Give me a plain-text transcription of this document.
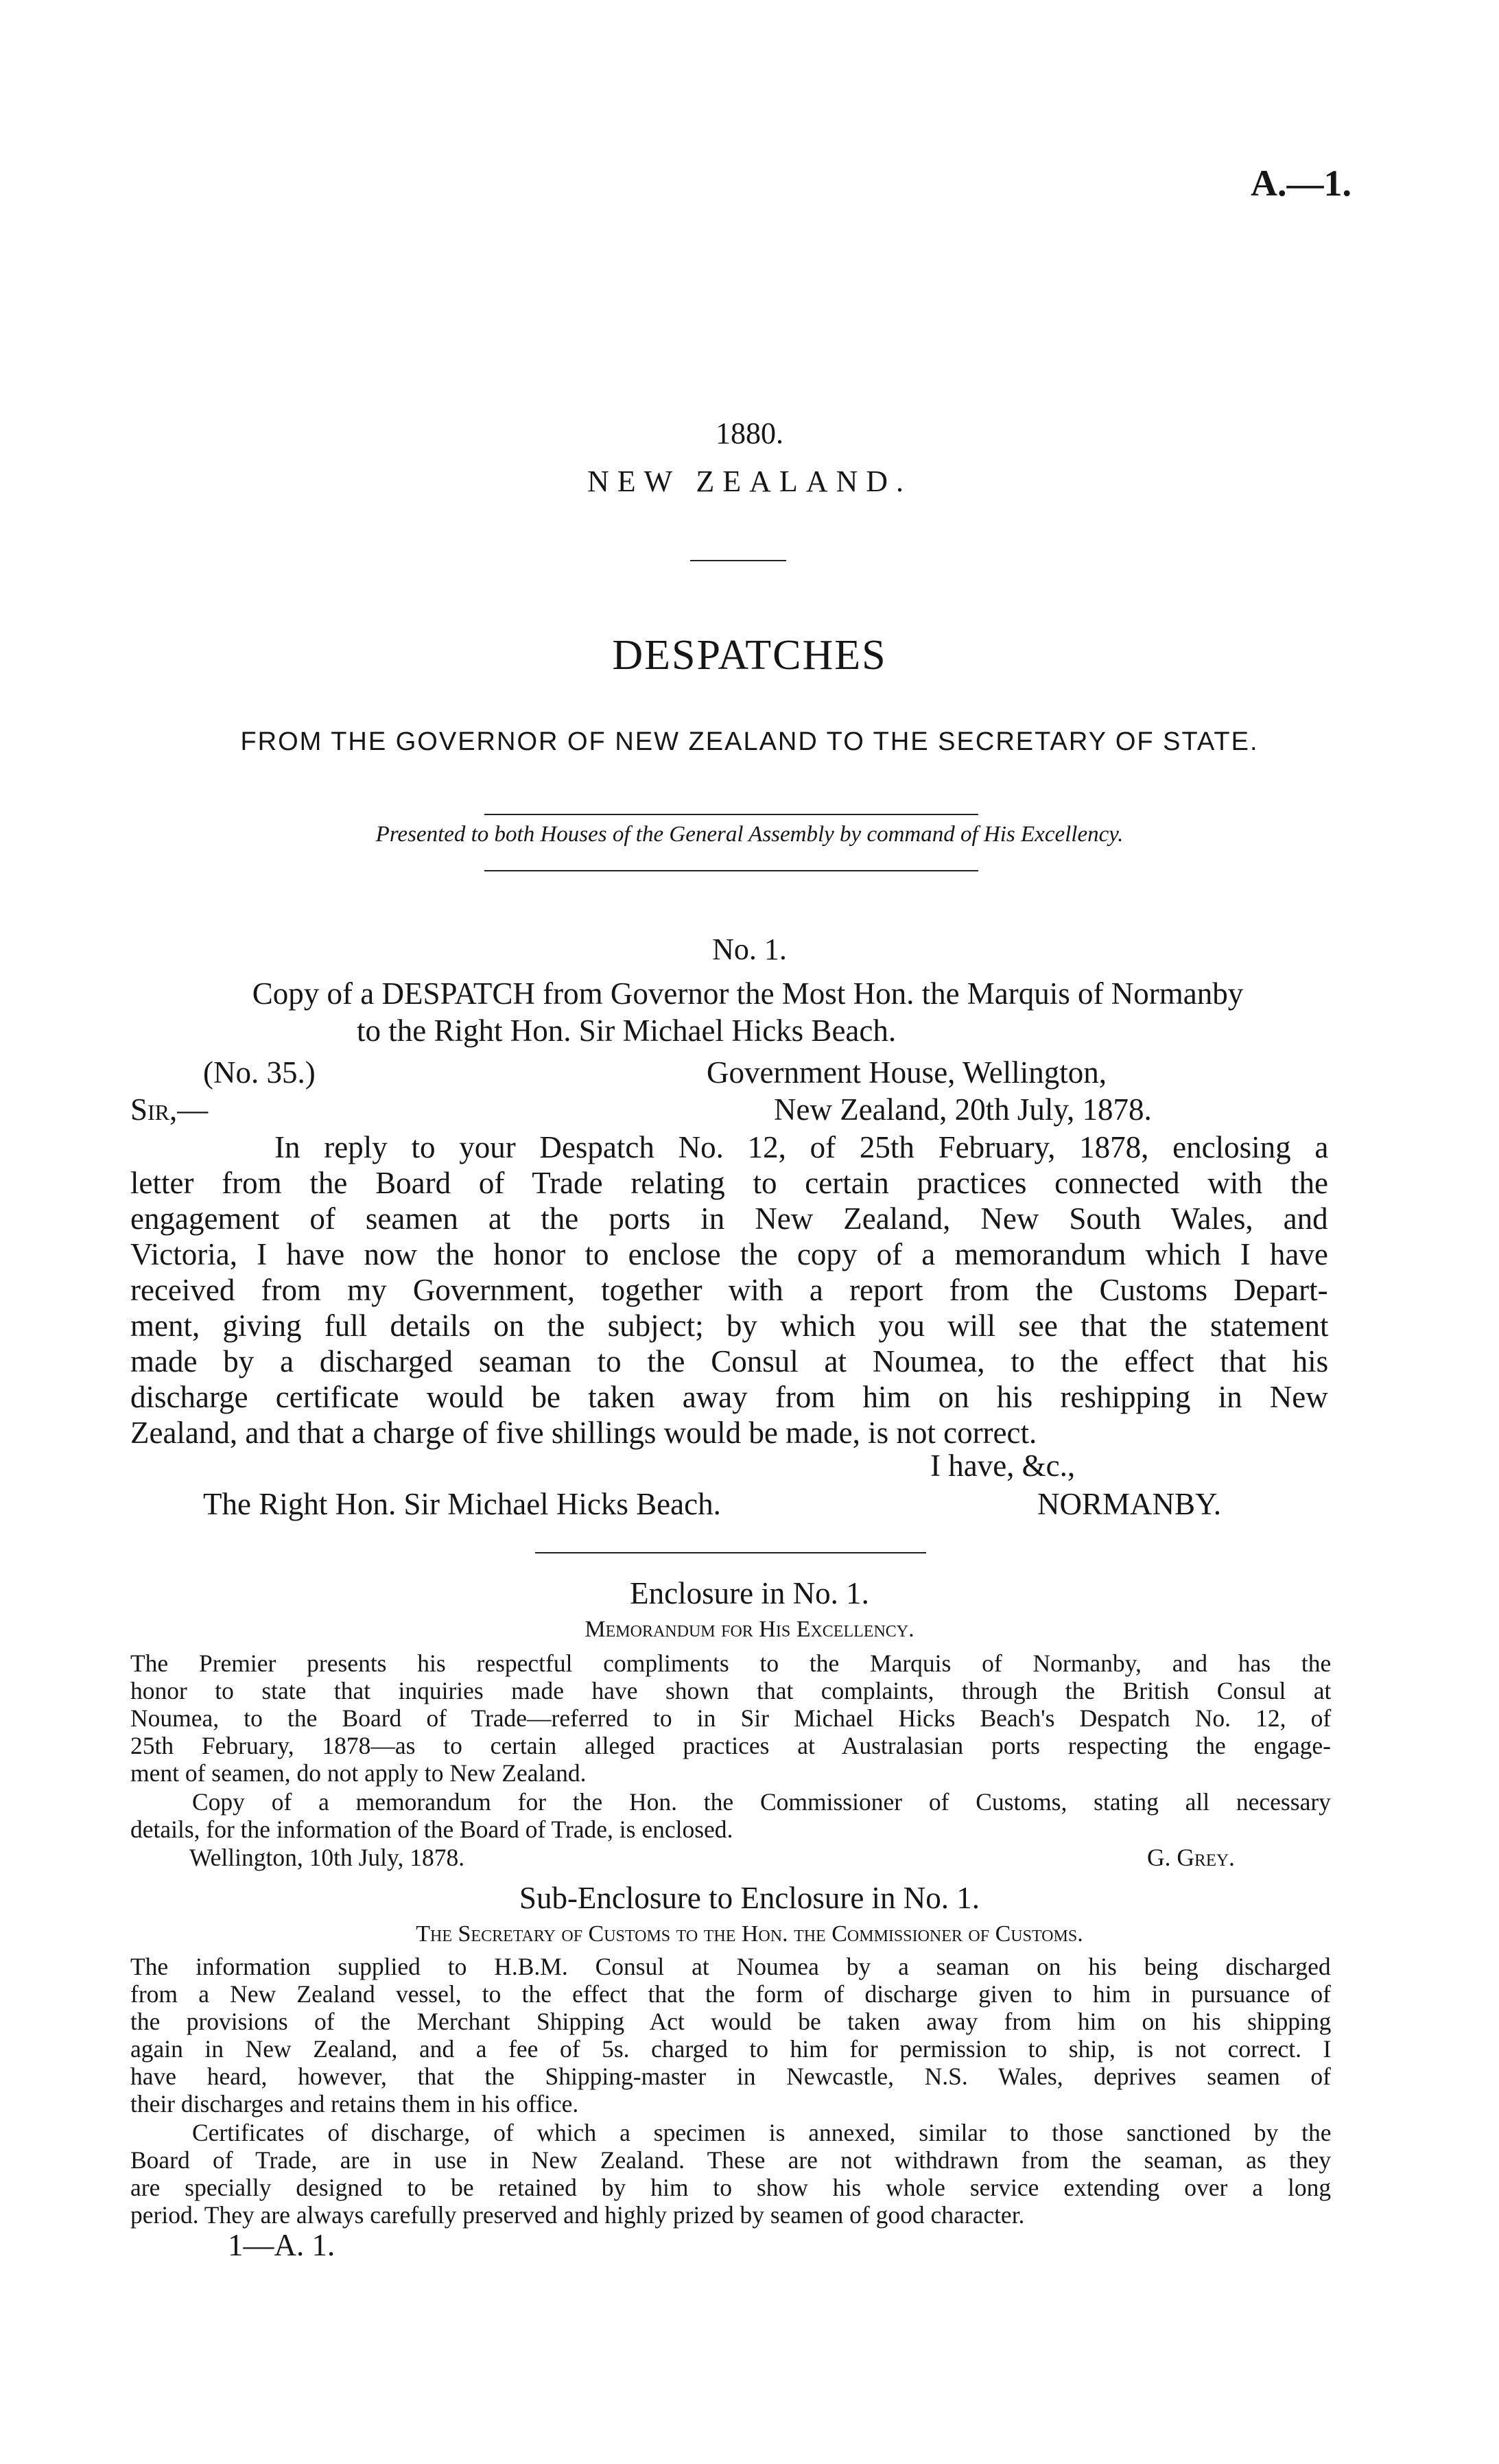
A.—1.
1880.
NEW ZEALAND.
DESPATCHES
FROM THE GOVERNOR OF NEW ZEALAND TO THE SECRETARY OF STATE.
Presented to both Houses of the General Assembly by command of His Excellency.
No. 1.
Copy of a DESPATCH from Governor the Most Hon. the Marquis of Normanby
to the Right Hon. Sir Michael Hicks Beach.
(No. 35.)	Government House, Wellington,
Sir,—	New Zealand, 20th July, 1878.
In reply to your Despatch No. 12, of 25th February, 1878, enclosing a
letter from the Board of Trade relating to certain practices connected with the
engagement of seamen at the ports in New Zealand, New South Wales, and
Victoria, I have now the honor to enclose the copy of a memorandum which I have
received from my Government, together with a report from the Customs Depart-
ment, giving full details on the subject; by which you will see that the statement
made by a discharged seaman to the Consul at Noumea, to the effect that his
discharge certificate would be taken away from him on his reshipping in New
Zealand, and that a charge of five shillings would be made, is not correct.
I have, &c.,
The Right Hon. Sir Michael Hicks Beach.	NORMANBY.
Enclosure in No. 1.
Memorandum for His Excellency.
The Premier presents his respectful compliments to the Marquis of Normanby, and has the
honor to state that inquiries made have shown that complaints, through the British Consul at
Noumea, to the Board of Trade—referred to in Sir Michael Hicks Beach's Despatch No. 12, of
25th February, 1878—as to certain alleged practices at Australasian ports respecting the engage-
ment of seamen, do not apply to New Zealand.
Copy of a memorandum for the Hon. the Commissioner of Customs, stating all necessary
details, for the information of the Board of Trade, is enclosed.
Wellington, 10th July, 1878.	G. Grey.
Sub-Enclosure to Enclosure in No. 1.
The Secretary of Customs to the Hon. the Commissioner of Customs.
The information supplied to H.B.M. Consul at Noumea by a seaman on his being discharged
from a New Zealand vessel, to the effect that the form of discharge given to him in pursuance of
the provisions of the Merchant Shipping Act would be taken away from him on his shipping
again in New Zealand, and a fee of 5s. charged to him for permission to ship, is not correct. I
have heard, however, that the Shipping-master in Newcastle, N.S. Wales, deprives seamen of
their discharges and retains them in his office.
Certificates of discharge, of which a specimen is annexed, similar to those sanctioned by the
Board of Trade, are in use in New Zealand. These are not withdrawn from the seaman, as they
are specially designed to be retained by him to show his whole service extending over a long
period. They are always carefully preserved and highly prized by seamen of good character.
1—A. 1.
